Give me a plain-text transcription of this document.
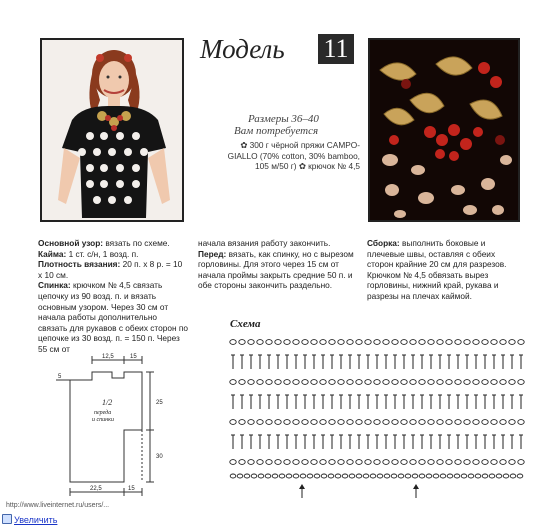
Модель 11
Размеры 36–40
Вам потребуется
✿ 300 г чёрной пряжи CAMPO-
GIALLO (70% cotton, 30% bamboo,
105 м/50 г) ✿ крючок № 4,5

Основной узор: вязать по схеме.

Кайма: 1 ст. с/н, 1 возд. п.

Плотность вязания: 20 п. x 8 р. = 10 x 10 см.

Спинка: крючком № 4,5 связать цепочку из 90 возд. п. и вязать основным узором. Через 30 см от начала работы дополнительно связать для рукавов с обеих сторон по цепочке из 30 возд. п. = 150 п. Через 55 см от

начала вязания работу закончить.

Перед: вязать, как спинку, но с вырезом горловины. Для этого через 15 см от начала проймы закрыть средние 50 п. и обе стороны закончить раздельно.

Сборка: выполнить боковые и плечевые швы, оставляя с обеих сторон крайние 20 см для разрезов. Крючком № 4,5 обвязать вырез горловины, нижний край, рукава и разрезы на плечах каймой.

12,5	15
5
1/2
переда
и спинки
25
30
22,5	15
Схема
http://www.liveinternet.ru/users/...
Увеличить
